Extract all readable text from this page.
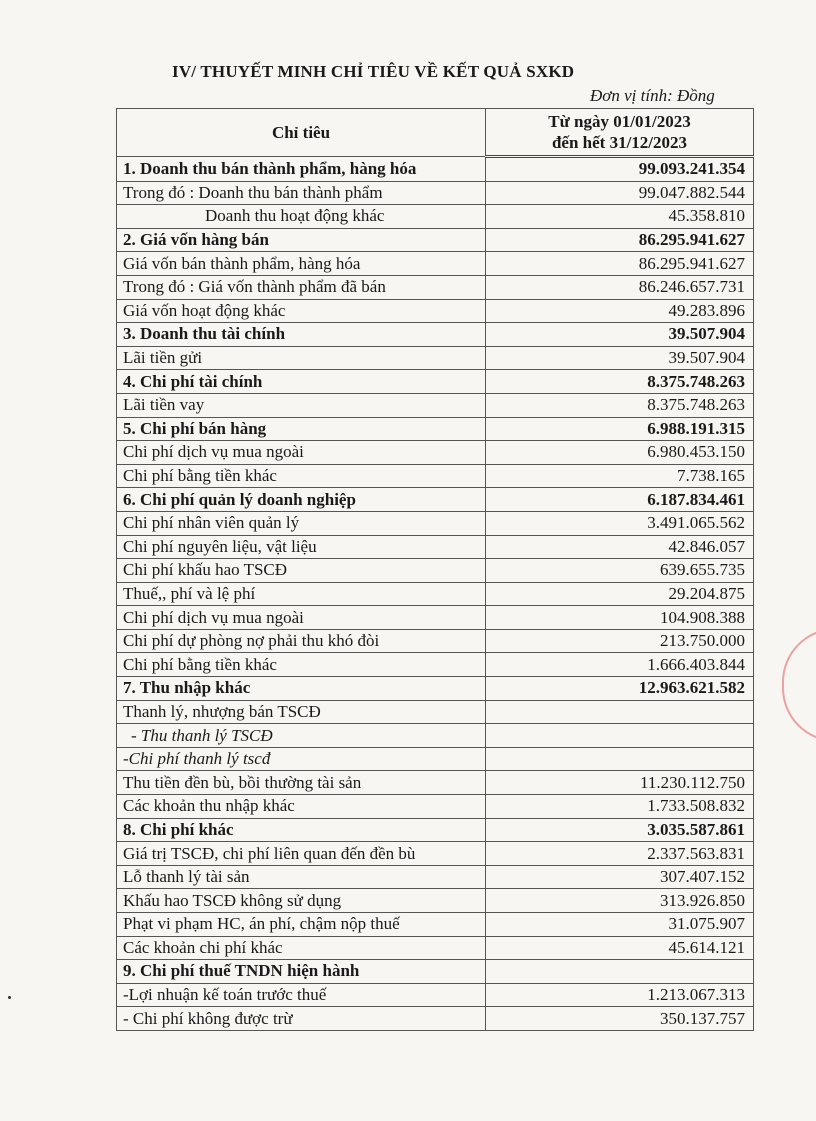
IV/ THUYẾT MINH CHỈ TIÊU VỀ KẾT QUẢ SXKD
Đơn vị tính: Đồng
Chỉ tiêu	Từ ngày 01/01/2023
đến hết 31/12/2023

1. Doanh thu bán thành phẩm, hàng hóa	99.093.241.354
Trong đó : Doanh thu bán thành phẩm	99.047.882.544
Doanh thu hoạt động khác	45.358.810
2. Giá vốn hàng bán	86.295.941.627
Giá vốn bán thành phẩm, hàng hóa	86.295.941.627
Trong đó : Giá vốn thành phẩm đã bán	86.246.657.731
Giá vốn hoạt động khác	49.283.896
3. Doanh thu tài chính	39.507.904
Lãi tiền gửi	39.507.904
4. Chi phí tài chính	8.375.748.263
Lãi tiền vay	8.375.748.263
5. Chi phí bán hàng	6.988.191.315
Chi phí dịch vụ mua ngoài	6.980.453.150
Chi phí bằng tiền khác	7.738.165
6. Chi phí quản lý doanh nghiệp	6.187.834.461
Chi phí nhân viên quản lý	3.491.065.562
Chi phí nguyên liệu, vật liệu	42.846.057
Chi phí khấu hao TSCĐ	639.655.735
Thuế,, phí và lệ phí	29.204.875
Chi phí dịch vụ mua ngoài	104.908.388
Chi phí dự phòng nợ phải thu khó đòi	213.750.000
Chi phí bằng tiền khác	1.666.403.844
7. Thu nhập khác	12.963.621.582
Thanh lý, nhượng bán TSCĐ	
- Thu thanh lý TSCĐ	
-Chi phí thanh lý tscđ	
Thu tiền đền bù, bồi thường tài sản	11.230.112.750
Các khoản thu nhập khác	1.733.508.832
8. Chi phí khác	3.035.587.861
Giá trị TSCĐ, chi phí liên quan đến đền bù	2.337.563.831
Lỗ thanh lý tài sản	307.407.152
Khấu hao TSCĐ không sử dụng	313.926.850
Phạt vi phạm HC, án phí, chậm nộp thuế	31.075.907
Các khoản chi phí khác	45.614.121
9. Chi phí thuế TNDN hiện hành	
-Lợi nhuận kế toán trước thuế	1.213.067.313
- Chi phí không được trừ	350.137.757
